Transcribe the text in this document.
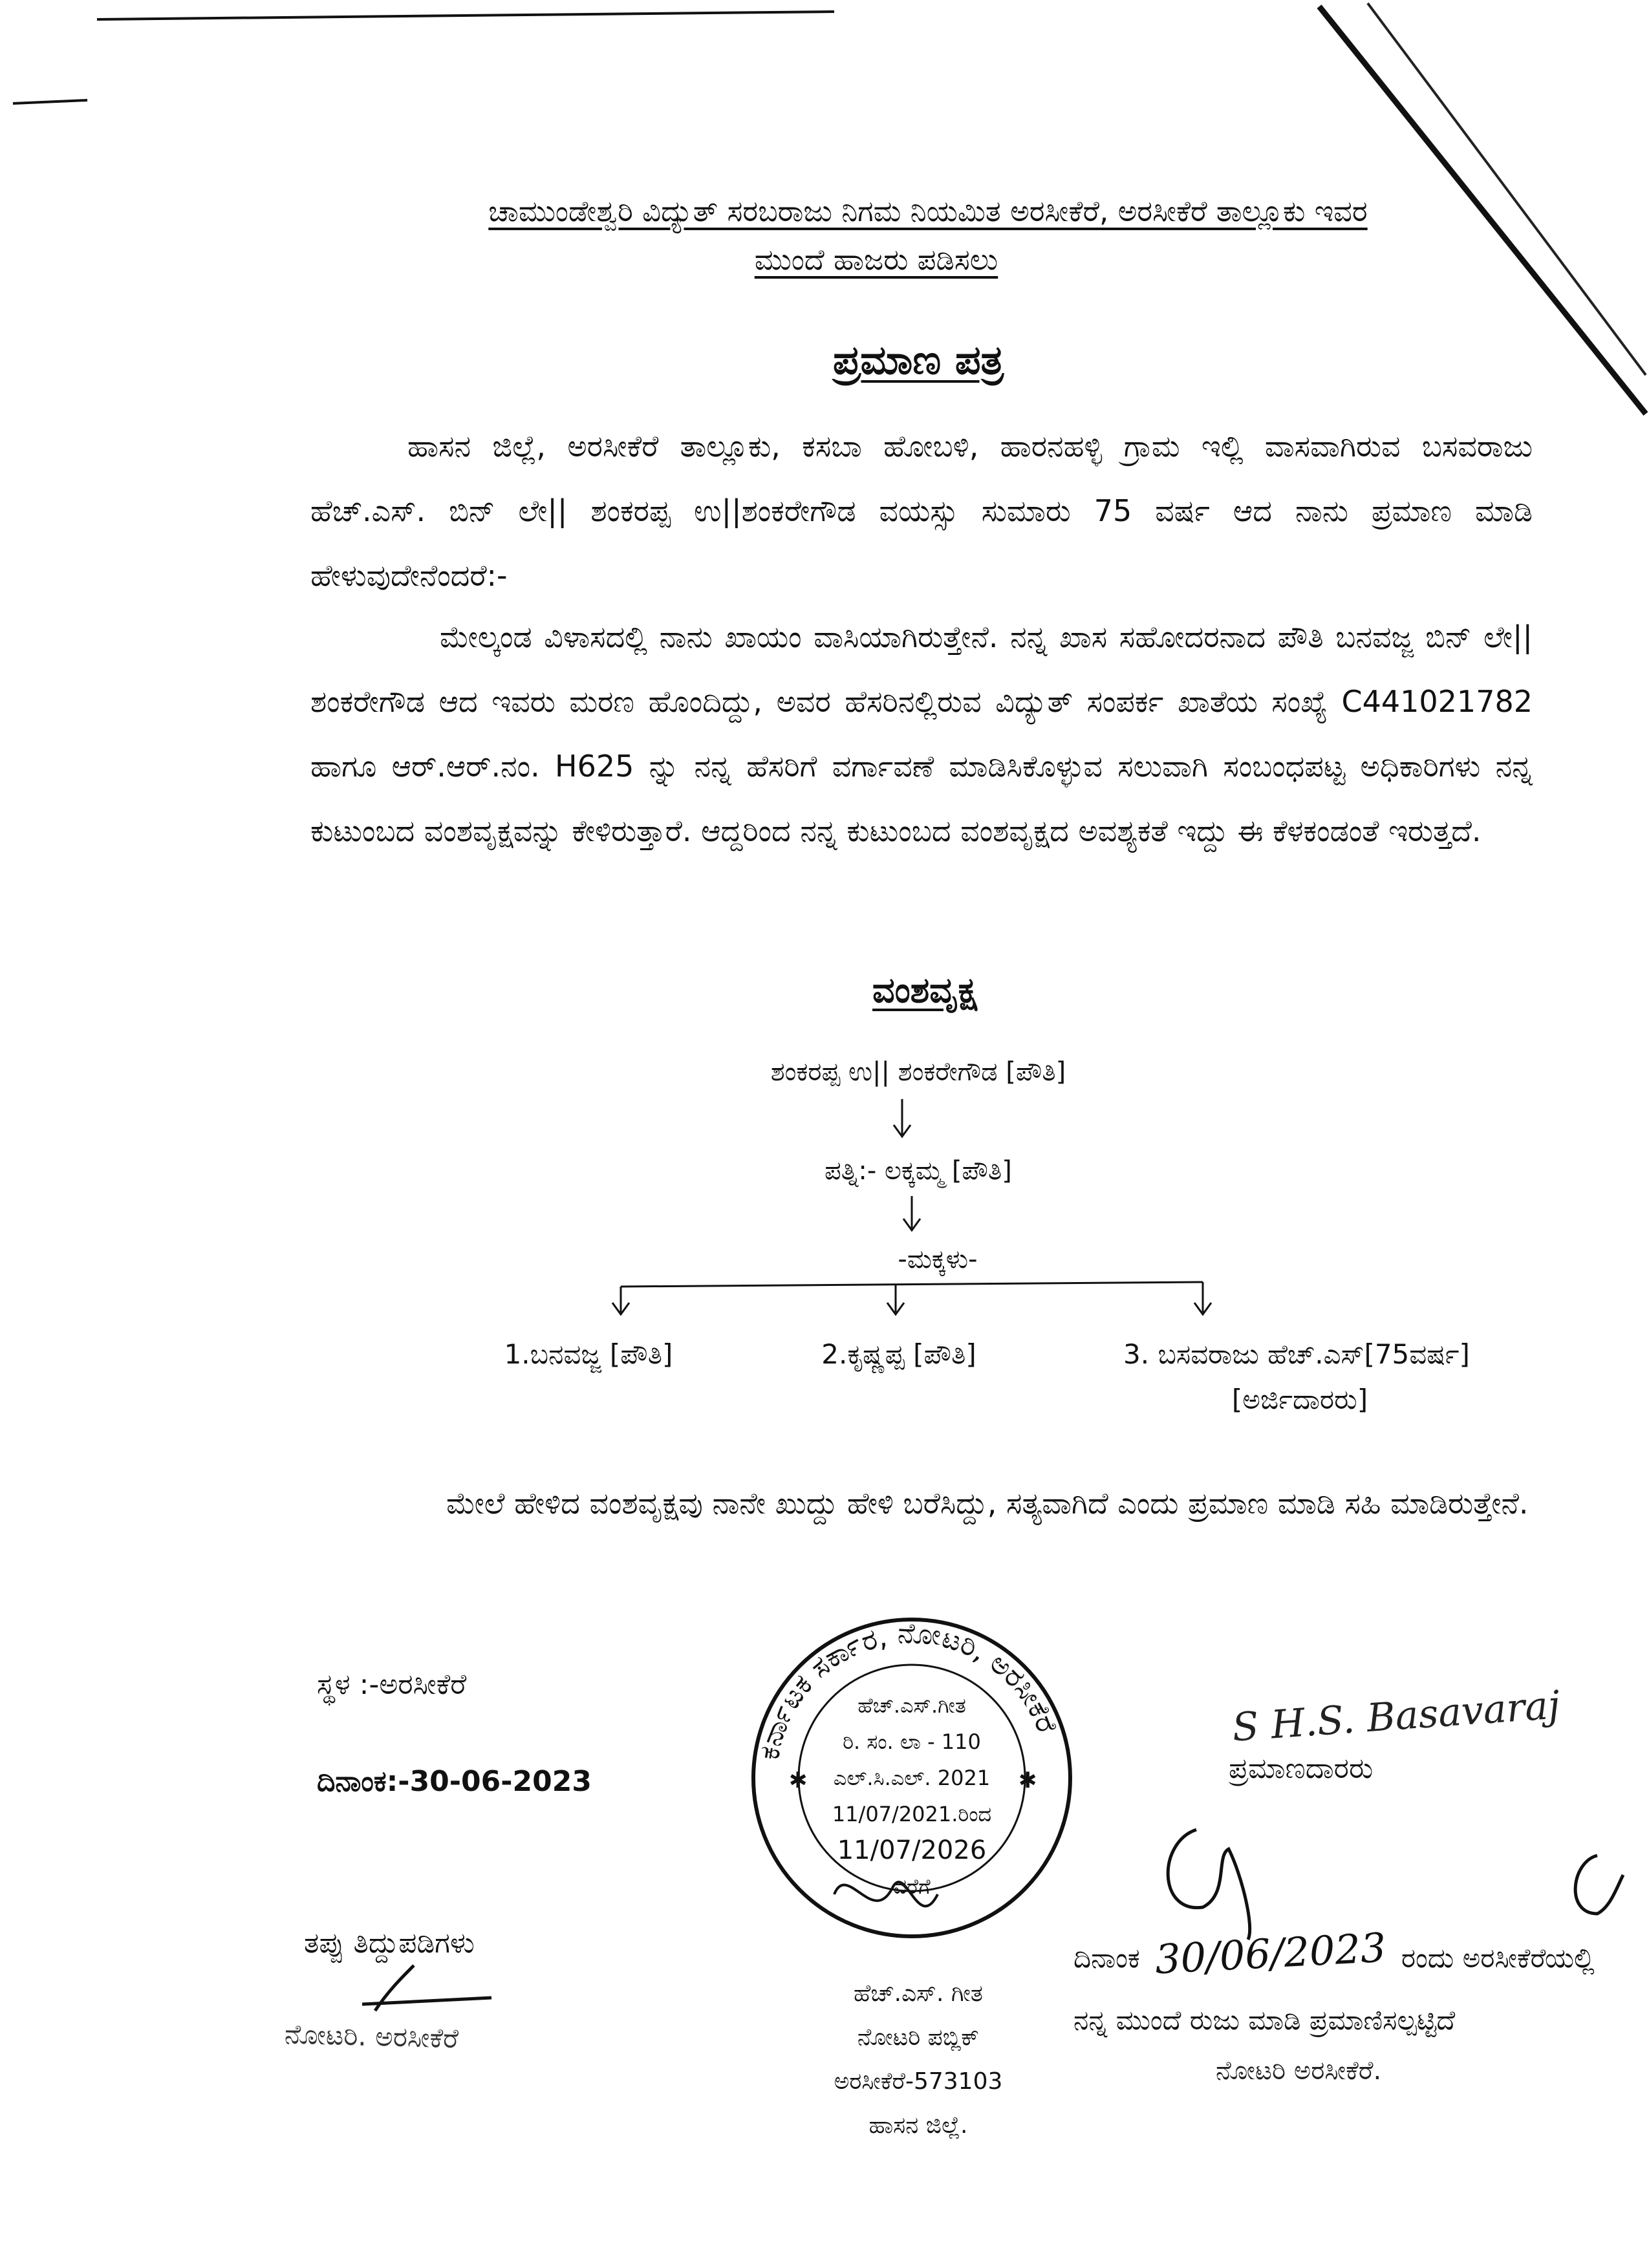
ಚಾಮುಂಡೇಶ್ವರಿ ವಿದ್ಯುತ್ ಸರಬರಾಜು ನಿಗಮ ನಿಯಮಿತ ಅರಸೀಕೆರೆ, ಅರಸೀಕೆರೆ ತಾಲ್ಲೂಕು ಇವರ
ಮುಂದೆ ಹಾಜರು ಪಡಿಸಲು
ಪ್ರಮಾಣ ಪತ್ರ
ಹಾಸನ ಜಿಲ್ಲೆ, ಅರಸೀಕೆರೆ ತಾಲ್ಲೂಕು, ಕಸಬಾ ಹೋಬಳಿ, ಹಾರನಹಳ್ಳಿ ಗ್ರಾಮ ಇಲ್ಲಿ ವಾಸವಾಗಿರುವ ಬಸವರಾಜು ಹೆಚ್.ಎಸ್. ಬಿನ್ ಲೇ|| ಶಂಕರಪ್ಪ ಉ||ಶಂಕರೇಗೌಡ ವಯಸ್ಸು ಸುಮಾರು 75 ವರ್ಷ ಆದ ನಾನು ಪ್ರಮಾಣ ಮಾಡಿ ಹೇಳುವುದೇನೆಂದರೆ:-
ಮೇಲ್ಕಂಡ ವಿಳಾಸದಲ್ಲಿ ನಾನು ಖಾಯಂ ವಾಸಿಯಾಗಿರುತ್ತೇನೆ. ನನ್ನ ಖಾಸ ಸಹೋದರನಾದ ಪೌತಿ ಬನವಜ್ಜ ಬಿನ್ ಲೇ|| ಶಂಕರೇಗೌಡ ಆದ ಇವರು ಮರಣ ಹೊಂದಿದ್ದು, ಅವರ ಹೆಸರಿನಲ್ಲಿರುವ ವಿದ್ಯುತ್ ಸಂಪರ್ಕ ಖಾತೆಯ ಸಂಖ್ಯೆ C441021782 ಹಾಗೂ ಆರ್.ಆರ್.ನಂ. H625 ನ್ನು ನನ್ನ ಹೆಸರಿಗೆ ವರ್ಗಾವಣೆ ಮಾಡಿಸಿಕೊಳ್ಳುವ ಸಲುವಾಗಿ ಸಂಬಂಧಪಟ್ಟ ಅಧಿಕಾರಿಗಳು ನನ್ನ ಕುಟುಂಬದ ವಂಶವೃಕ್ಷವನ್ನು ಕೇಳಿರುತ್ತಾರೆ. ಆದ್ದರಿಂದ ನನ್ನ ಕುಟುಂಬದ ವಂಶವೃಕ್ಷದ ಅವಶ್ಯಕತೆ ಇದ್ದು ಈ ಕೆಳಕಂಡಂತೆ ಇರುತ್ತದೆ.
ವಂಶವೃಕ್ಷ
ಶಂಕರಪ್ಪ ಉ|| ಶಂಕರೇಗೌಡ [ಪೌತಿ]
ಪತ್ನಿ:- ಲಕ್ಕಮ್ಮ [ಪೌತಿ]
-ಮಕ್ಕಳು-
1.ಬನವಜ್ಜ [ಪೌತಿ]	2.ಕೃಷ್ಣಪ್ಪ [ಪೌತಿ]	3. ಬಸವರಾಜು ಹೆಚ್.ಎಸ್[75ವರ್ಷ]
[ಅರ್ಜಿದಾರರು]
ಮೇಲೆ ಹೇಳಿದ ವಂಶವೃಕ್ಷವು ನಾನೇ ಖುದ್ದು ಹೇಳಿ ಬರೆಸಿದ್ದು, ಸತ್ಯವಾಗಿದೆ ಎಂದು ಪ್ರಮಾಣ ಮಾಡಿ ಸಹಿ ಮಾಡಿರುತ್ತೇನೆ.
ಸ್ಥಳ :-ಅರಸೀಕೆರೆ
ದಿನಾಂಕ:-30-06-2023
ತಪ್ಪು ತಿದ್ದುಪಡಿಗಳು
ನೋಟರಿ. ಅರಸೀಕೆರೆ
ಕರ್ನಾಟಕ ಸರ್ಕಾರ, ನೋಟರಿ, ಅರಸೀಕೆರೆ
✱	✱
ಹೆಚ್.ಎಸ್.ಗೀತ
ರಿ. ಸಂ. ಲಾ - 110
ಎಲ್.ಸಿ.ಎಲ್. 2021
11/07/2021.ರಿಂದ
11/07/2026
ವರೆಗೆ
ಹೆಚ್.ಎಸ್. ಗೀತ
ನೋಟರಿ ಪಬ್ಲಿಕ್
ಅರಸೀಕೆರೆ-573103
ಹಾಸನ ಜಿಲ್ಲೆ.
S H.S. Basavaraj
ಪ್ರಮಾಣದಾರರು
ದಿನಾಂಕ 30/06/2023 ರಂದು ಅರಸೀಕೆರೆಯಲ್ಲಿ
ನನ್ನ ಮುಂದೆ ರುಜು ಮಾಡಿ ಪ್ರಮಾಣಿಸಲ್ಪಟ್ಟಿದೆ
ನೋಟರಿ ಅರಸೀಕೆರೆ.
